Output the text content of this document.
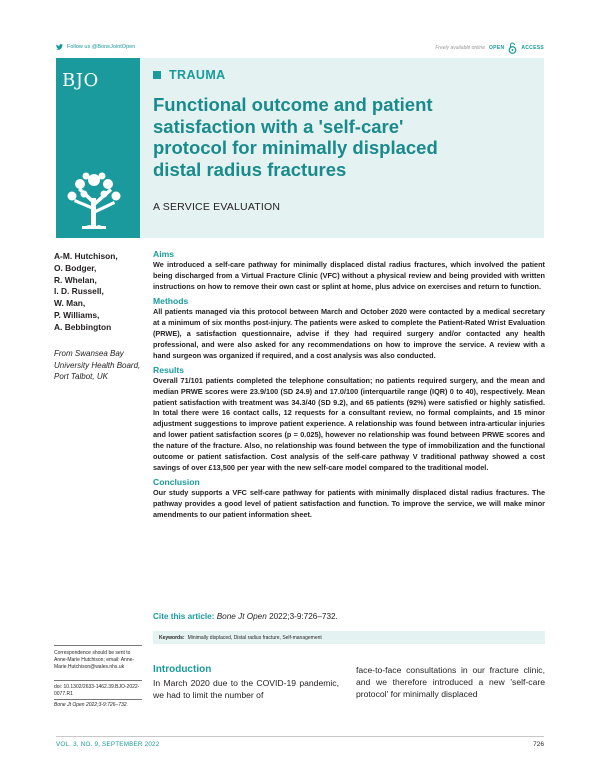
Follow us @BoneJointOpen	Freely available online OPEN	ACCESS
BJO	TRAUMA
Functional outcome and patient satisfaction with a 'self-care' protocol for minimally displaced distal radius fractures
A SERVICE EVALUATION
A-M. Hutchison,
O. Bodger,
R. Whelan,
I. D. Russell,
W. Man,
P. Williams,
A. Bebbington
From Swansea Bay University Health Board, Port Talbot, UK
Aims

We introduced a self-care pathway for minimally displaced distal radius fractures, which involved the patient being discharged from a Virtual Fracture Clinic (VFC) without a physical review and being provided with written instructions on how to remove their own cast or splint at home, plus advice on exercises and return to function.

Methods

All patients managed via this protocol between March and October 2020 were contacted by a medical secretary at a minimum of six months post-injury. The patients were asked to complete the Patient-Rated Wrist Evaluation (PRWE), a satisfaction questionnaire, advise if they had required surgery and/or contacted any health professional, and were also asked for any recommendations on how to improve the service. A review with a hand surgeon was organized if required, and a cost analysis was also conducted.

Results

Overall 71/101 patients completed the telephone consultation; no patients required surgery, and the mean and median PRWE scores were 23.9/100 (SD 24.9) and 17.0/100 (interquartile range (IQR) 0 to 40), respectively. Mean patient satisfaction with treatment was 34.3/40 (SD 9.2), and 65 patients (92%) were satisfied or highly satisfied. In total there were 16 contact calls, 12 requests for a consultant review, no formal complaints, and 15 minor adjustment suggestions to improve patient experience. A relationship was found between intra-articular injuries and lower patient satisfaction scores (p = 0.025), however no relationship was found between PRWE scores and the nature of the fracture. Also, no relationship was found between the type of immobilization and the functional outcome or patient satisfaction. Cost analysis of the self-care pathway V traditional pathway showed a cost savings of over £13,500 per year with the new self-care model compared to the traditional model.

Conclusion

Our study supports a VFC self-care pathway for patients with minimally displaced distal radius fractures. The pathway provides a good level of patient satisfaction and function. To improve the service, we will make minor amendments to our patient information sheet.

Cite this article: Bone Jt Open 2022;3-9:726–732.
Keywords: Minimally displaced, Distal radius fracture, Self-management
Correspondence should be sent to Anne-Marie Hutchison; email: Anne-Marie.Hutchison@wales.nhs.uk
doi: 10.1302/2633-1462.39.BJO-2022-0077.R1
Bone Jt Open 2022;3-9:726–732.
Introduction

In March 2020 due to the COVID-19 pandemic, we had to limit the number of

face-to-face consultations in our fracture clinic, and we therefore introduced a new 'self-care protocol' for minimally displaced

VOL. 3, NO. 9, SEPTEMBER 2022	726
